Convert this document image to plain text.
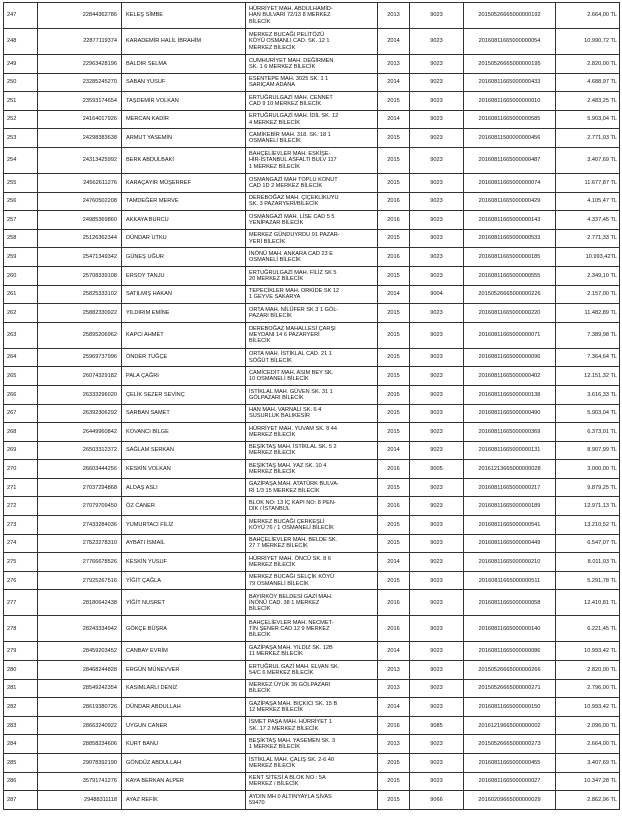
247	22844362786	KELEŞ SİMBE	HÜRRİYET MAH. ABDULHAMİD-
HAN BULVARI 72/13 8 MERKEZ
BİLECİK	2013	9023	20150526665000000192	2.664,00 TL
248	22877119374	KARADEMİR HALİL İBRAHİM	MERKEZ BUCAĞI PELİTÖZÜ
KÖYÜ OSMANLI CAD. SK. 12 1
MERKEZ BİLECİK	2014	9023	20160811665000000054	10.990,72 TL
249	22963428196	BALDIR SELMA	CUMHURİYET MAH. DEĞİRMEN
SK. 1 6 MERKEZ BİLECİK	2013	9023	20150526665000000195	2.820,00 TL
250	23285245270	SABAN YUSUF	ESENTEPE MAH. 3025 SK. 1 1
SARIÇAM ADANA	2014	9023	20160811665000000433	4.688,97 TL
251	23593174654	TAŞDEMİR VOLKAN	ERTUĞRULGAZİ MAH. CENNET
CAD 9 10 MERKEZ BİLECİK	2015	9023	20160811665000000010	2.483,25 TL
252	24164017926	MERCAN KADİR	ERTUĞRULGAZİ MAH. İDİL SK. 12
4 MERKEZ BİLECİK	2014	9023	20160811665000000585	5.903,04 TL
253	24298383638	ARMUT YASEMİN	CAMİKEBİR MAH. 318. SK. 18 1
OSMANELİ BİLECİK	2015	9023	20160811500000000456	2.771,03 TL
254	24313425992	BERK ABDULBAKİ	BAHÇELİEVLER MAH. ESKİŞE-
HİR-İSTANBUL ASFALTI BULV 117
1 MERKEZ BİLECİK	2015	9023	20160811665000000487	3.407,69 TL
255	24562611276	KARAÇAYIR MÜŞERREF	OSMANGAZİ MAH TOPLU KONUT
CAD 1D 2 MERKEZ BİLECİK	2015	9023	20160811665000000074	11.677,87 TL
256	24760502208	TAMDEĞER MERVE	DEREBOĞAZ MAH. ÇİÇEKLİKUYU
SK. 3 PAZARYERİ/BİLECİK	2016	9023	20160811665000000429	4.105,47 TL
257	24985369860	AKKAYA BURCU	OSMANGAZİ MAH. LİSE CAD 5 5
YENİPAZAR BİLECİK	2016	9023	20160811665000000143	4.337,45 TL
258	25126362344	DÜNDAR UTKU	MERKEZ GÜNDUYRDU 91 PAZAR-
YERİ BİLECİK	2015	9023	20160811665000000533	2.771,33 TL
259	25471349342	GÜNEŞ UĞUR	İNÖNÜ MAH. ANKARA CAD 23 E
OSMANELİ BİLECİK	2016	9023	20160811665000000185	10.993,42TL
260	25708339108	ERSOY TANJU	ERTUĞRULGAZİ MAH. FİLİZ SK 5
20 MERKEZ BİLECİK	2015	9023	20160811665000000555	2.349,10 TL
261	25825333102	SATILMIŞ HAKAN	TEPECİKLER MAH. ORKİDE SK 12
1 GEYVE SAKARYA	2014	9004	20150526665000000226	2.157,00 TL
262	25882330922	YILDIRIM EMİNE	ORTA MAH. NİLÜFER SK 3 1 GÖL-
PAZARI BİLECİK	2015	9023	20160811665000000220	11.482,89 TL
263	25895206962	KAPCI AHMET	DEREBOĞAZ MAHALLESİ ÇARŞI
MEYDANI 14 6 PAZARYERİ
BİLECİK	2015	9023	20160811665000000071	7.389,98 TL
264	25969737996	ÖNDER TUĞÇE	ORTA MAH. İSTİKLAL CAD. 21 1
SÖĞÜT BİLECİK	2015	9023	20160811665000000096	7.364,64 TL
265	26074329182	PALA ÇAĞRI	CAMİCEDİT MAH. ASIM BEY SK.
10 OSMANELİ BİLECİK	2015	9023	20160811665000000402	12.151,32 TL
266	26333296020	ÇELİK SEZER SEVİNÇ	İSTİKLAL MAH. GÜVEN SK. 31 1
GÖLPAZARI BİLECİK	2015	9023	20160811665000000138	3.616,33 TL
267	26392306292	SARBAN SAMET	HAN MAH. VARNALI SK. 6 4
SUSURLUK BALIKESİR	2015	9023	20160811665000000490	5.903,04 TL
268	26449960842	KOVANCI BİLGE	HÜRRİYET MAH. YUVAM SK. 8 44
MERKEZ BİLECİK	2015	9023	20160811665000000369	6.373,01 TL
269	26503312372	SAĞLAM SERKAN	BEŞİKTAŞ MAH. İSTİKLAL SK. 5 2
MERKEZ BİLECİK	2014	9023	20160811665000000131	8.907,99 TL
270	26603444256	KESKİN VOLKAN	BEŞİKTAŞ MAH. YAZ SK. 10 4
MERKEZ BİLECİK	2016	9005	20161213665000000028	3.000,00 TL
271	27037294868	ALDAŞ ASLI	GAZİPAŞA MAH. ATATÜRK BULVA-
Rİ 1/3 15 MERKEZ BİLECİK	2015	9023	20160811665000000217	9.879,25 TL
272	27079709450	ÖZ CANER	BLOK NO: 13 İÇ KAPI NO: 8 PEN-
DİK / İSTANBUL	2016	9023	20160811665000000189	12.971,13 TL
273	27433284036	YUMURTACI FİLİZ	MERKEZ BUCAĞI ÇERKEŞLİ
KÖYÜ 76 / 1 OSMANELİ BİLECİK	2015	9023	20160811665000000541	13.210,52 TL
274	27523278310	AYBATI İSMAİL	BAHÇELİEVLER MAH. BELDE SK.
27 7 MERKEZ BİLECİK	2015	9023	20160811665000000449	6.547,07 TL
275	27766678526	KESKİN YUSUF	HÜRRİYET MAH. ÖNCÜ SK. 8 6
MERKEZ BİLECİK	2014	9023	20160811665000000210	8.011,03 TL
276	27925267516	YİĞİT ÇAĞLA	MERKEZ BUCAĞI SELÇİK KÖYÜ
79 OSMANELİ BİLECİK	2015	9023	20160811665000000511	5.291,78 TL
277	28180642438	YİĞİT NUSRET	BAYIRKÖY BELDESİ GAZİ MAH.
İNÖNÜ CAD. 38 1 MERKEZ
BİLECİK	2016	9023	20160811665000000058	12.410,81 TL
278	28243334942	GÖKÇE BÜŞRA	BAHÇELİEVLER MAH. NECMET-
TİN ŞENER CAD.12 9 MERKEZ
BİLECİK	2016	9023	20160811665000000140	6.221,45 TL
279	28459203452	CANBAY EVRİM	GAZİPAŞA MAH. YILDIZ SK. 12B
11 MERKEZ BİLECİK	2014	9023	20160811665000000086	10.993,42 TL
280	28468244828	ERGÜN MÜNEVVER	ERTUĞRUL GAZİ MAH. ELVAN SK.
54/C 6 MERKEZ BİLECİK	2013	9023	20150526665000000266	2.820,00 TL
281	28549242354	KASIMLARLI DENİZ	MERKEZ ÜYÜK 36 GÖLPAZARI
BİLECİK	2013	9023	20150526665000000271	2.796,00 TL
282	28619380726	DÜNDAR ABDULLAH	GAZİPAŞA MAH. BIÇKICI SK. 15 B
12 MERKEZ BİLECİK	2014	9023	20160811665000000150	10.993,42 TL
283	28663240922	UYGUN CANER	İSMET PAŞA MAH. HÜRRİYET 1
SK. 17 2 MERKEZ BİLECİK	2016	9085	20161219665000000002	2.096,00 TL
284	28858234606	KURT BANU	BEŞİKTAŞ MAH. YASEMEN SK. 3
1 MERKEZ BİLECİK	2013	9023	20150526665000000273	2.664,00 TL
285	29078392190	GÖNDÜZ ABDULLAH	İSTİKLAL MAH. ÇALIŞ SK. 2-6 40
MERKEZ BİLECİK	2015	9023	20160811665000000455	3.407,69 TL
286	35791741276	KAYA BERKAN ALPER	KENT SİTESİ A BLOK NO : 5A
MERKEZ / BİLECİK	2015	9023	20160811665000000027	10.347,28 TL
287	29488311118	AYAZ REFİK	AYDIN MH 0 ALTINYAYLA SİVAS
59470	2015	9066	20160209665000000029	2.862,96 TL
